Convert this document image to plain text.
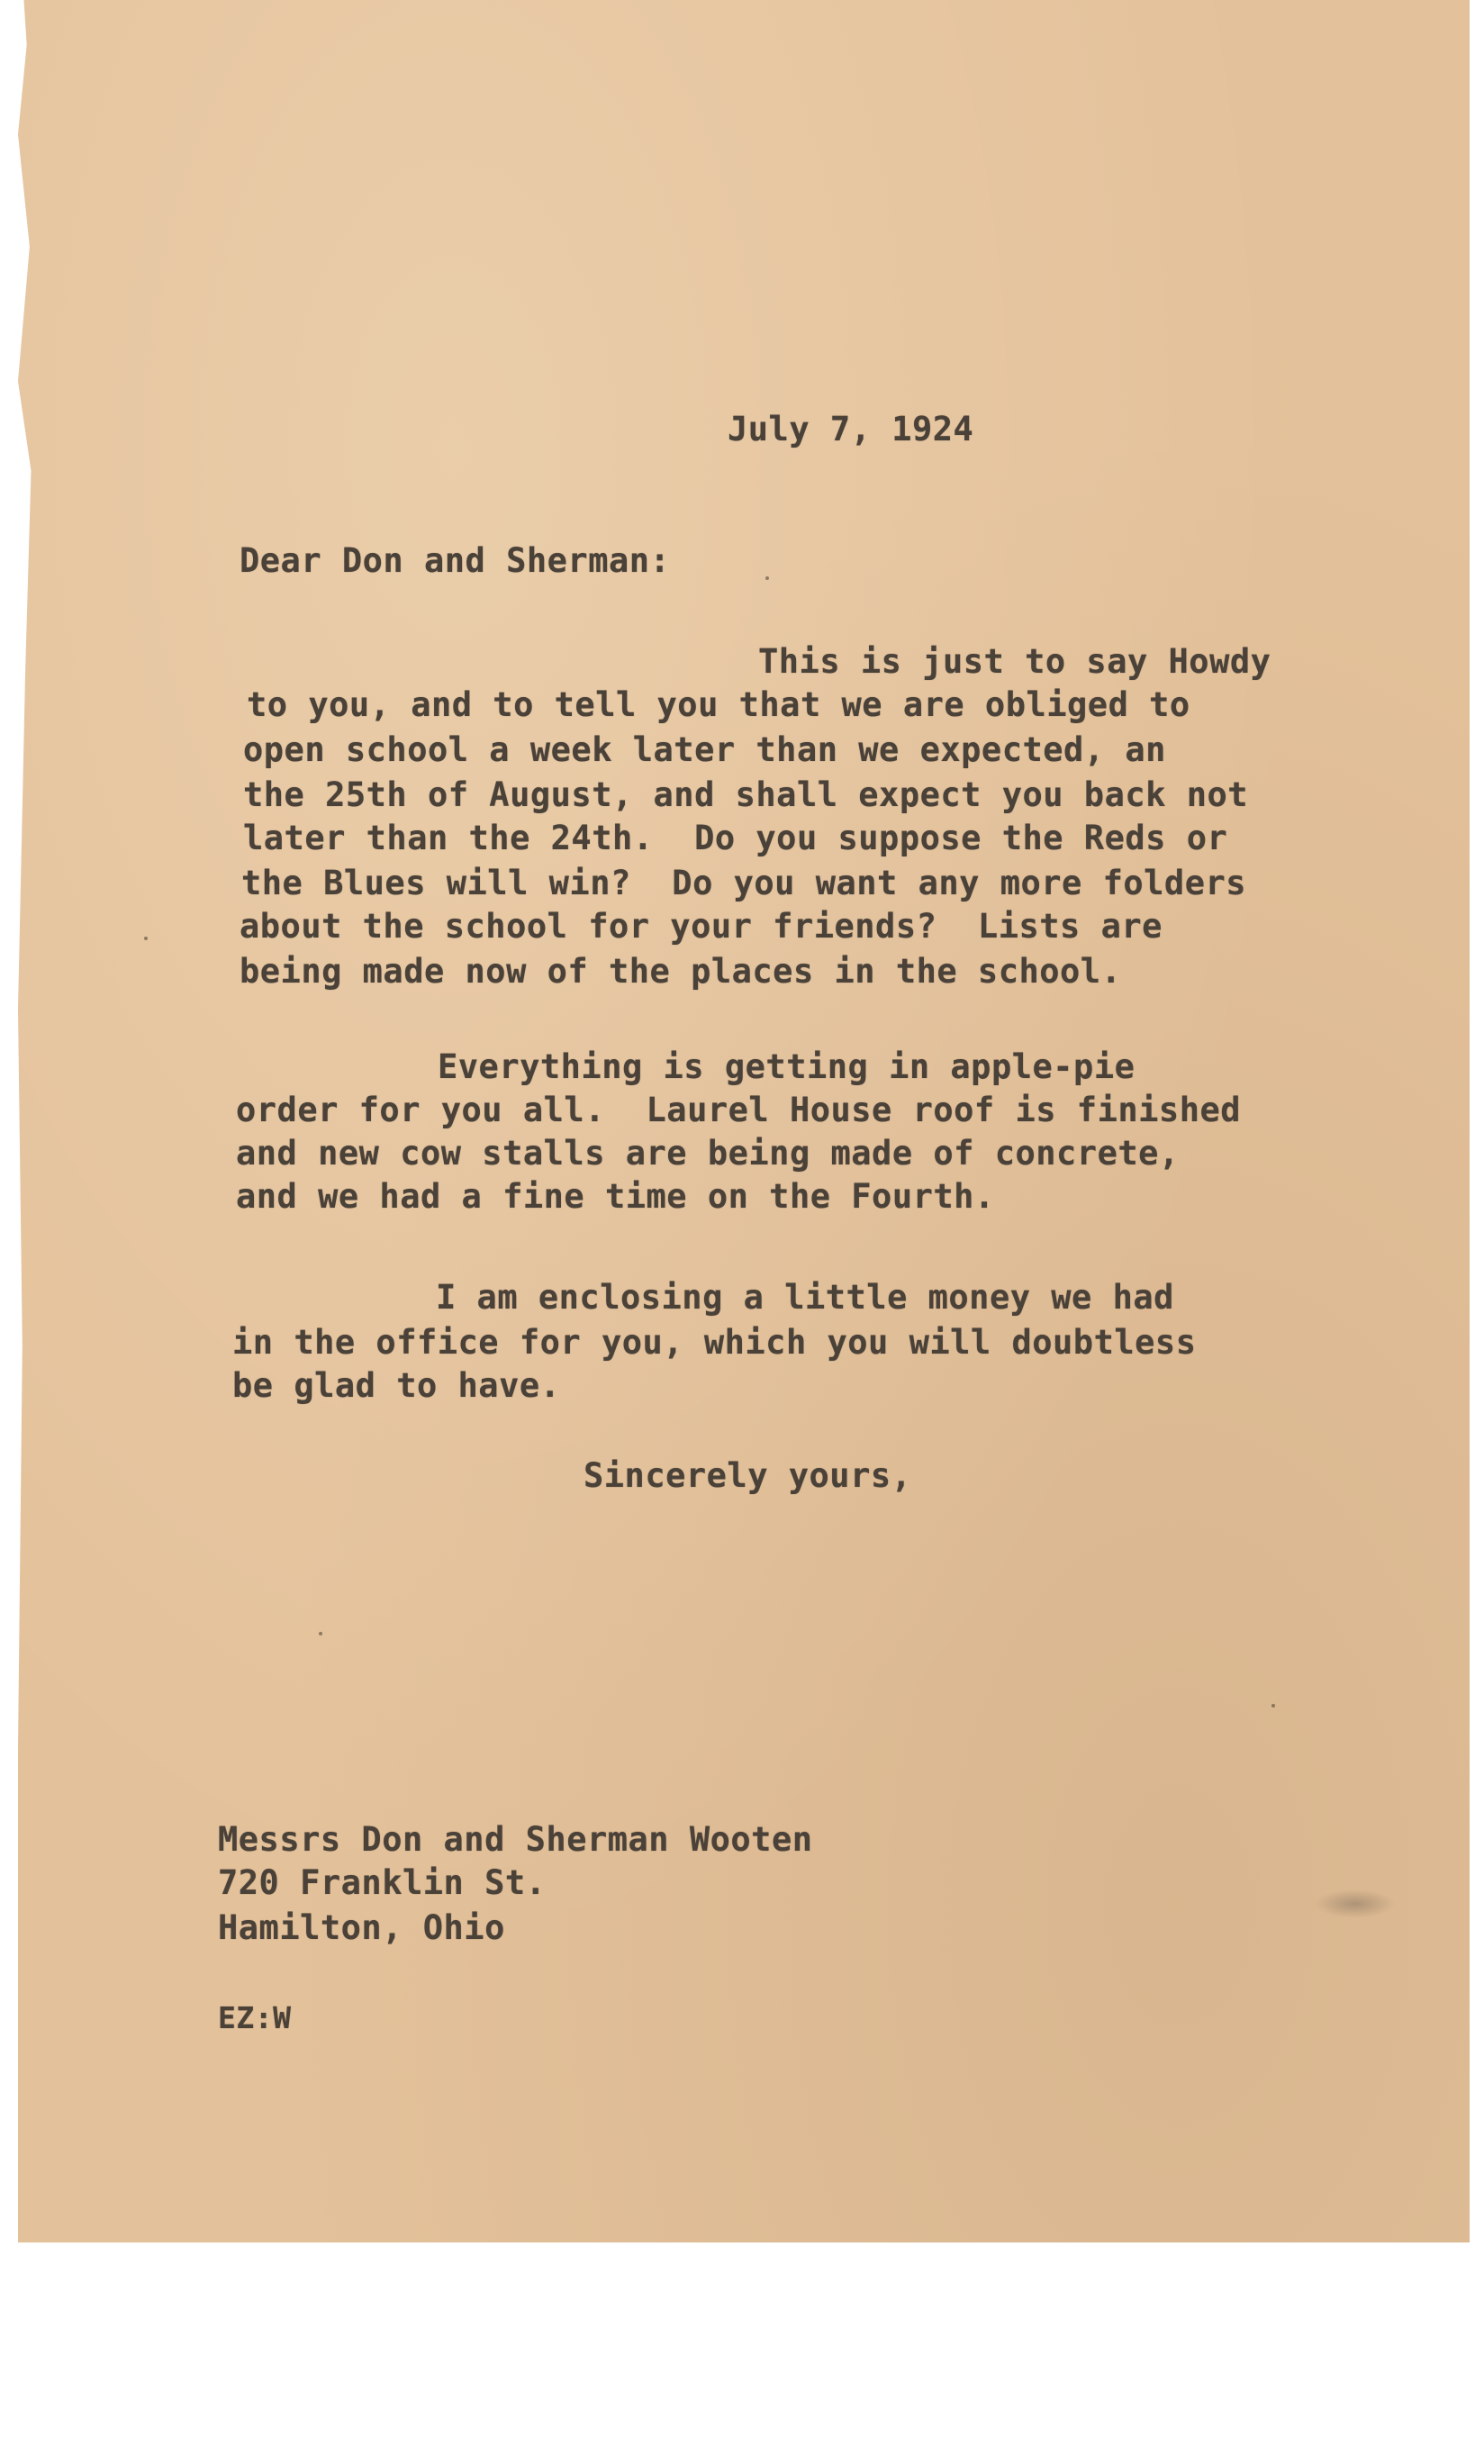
July 7, 1924
Dear Don and Sherman:
This is just to say Howdy
to you, and to tell you that we are obliged to
open school a week later than we expected, an
the 25th of August, and shall expect you back not
later than the 24th.  Do you suppose the Reds or
the Blues will win?  Do you want any more folders
about the school for your friends?  Lists are
being made now of the places in the school.
Everything is getting in apple-pie
order for you all.  Laurel House roof is finished
and new cow stalls are being made of concrete,
and we had a fine time on the Fourth.
I am enclosing a little money we had
in the office for you, which you will doubtless
be glad to have.
Sincerely yours,
Messrs Don and Sherman Wooten
720 Franklin St.
Hamilton, Ohio
EZ:W
